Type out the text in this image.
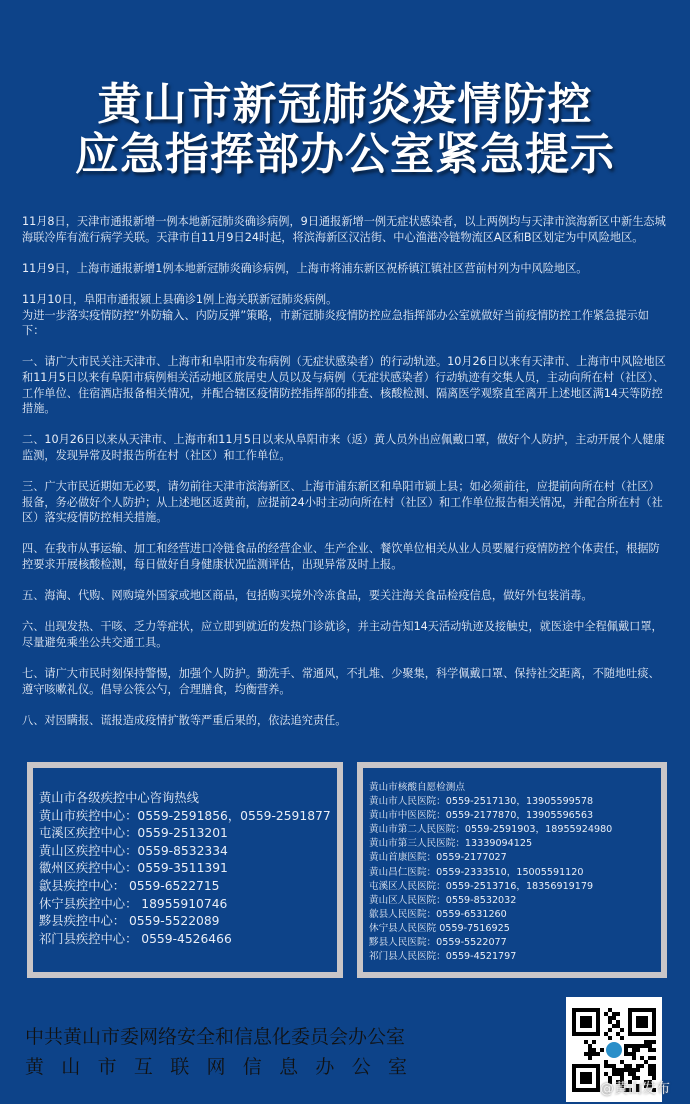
黄山市新冠肺炎疫情防控
应急指挥部办公室紧急提示

11月8日，天津市通报新增一例本地新冠肺炎确诊病例，9日通报新增一例无症状感染者，以上两例均与天津市滨海新区中新生态城海联冷库有流行病学关联。天津市自11月9日24时起，将滨海新区汉沽街、中心渔港冷链物流区A区和B区划定为中风险地区。

11月9日，上海市通报新增1例本地新冠肺炎确诊病例，上海市将浦东新区祝桥镇江镇社区营前村列为中风险地区。

11月10日，阜阳市通报颍上县确诊1例上海关联新冠肺炎病例。

为进一步落实疫情防控“外防输入、内防反弹”策略，市新冠肺炎疫情防控应急指挥部办公室就做好当前疫情防控工作紧急提示如下：

一、请广大市民关注天津市、上海市和阜阳市发布病例（无症状感染者）的行动轨迹。10月26日以来有天津市、上海市中风险地区和11月5日以来有阜阳市病例相关活动地区旅居史人员以及与病例（无症状感染者）行动轨迹有交集人员，主动向所在村（社区）、工作单位、住宿酒店报备相关情况，并配合辖区疫情防控指挥部的排查、核酸检测、隔离医学观察直至离开上述地区满14天等防控措施。

二、10月26日以来从天津市、上海市和11月5日以来从阜阳市来（返）黄人员外出应佩戴口罩，做好个人防护，主动开展个人健康监测，发现异常及时报告所在村（社区）和工作单位。

三、广大市民近期如无必要，请勿前往天津市滨海新区、上海市浦东新区和阜阳市颍上县；如必须前往，应提前向所在村（社区）报备，务必做好个人防护；从上述地区返黄前，应提前24小时主动向所在村（社区）和工作单位报告相关情况，并配合所在村（社区）落实疫情防控相关措施。

四、在我市从事运输、加工和经营进口冷链食品的经营企业、生产企业、餐饮单位相关从业人员要履行疫情防控个体责任，根据防控要求开展核酸检测，每日做好自身健康状况监测评估，出现异常及时上报。

五、海淘、代购、网购境外国家或地区商品，包括购买境外冷冻食品，要关注海关食品检疫信息，做好外包装消毒。

六、出现发热、干咳、乏力等症状，应立即到就近的发热门诊就诊，并主动告知14天活动轨迹及接触史，就医途中全程佩戴口罩，尽量避免乘坐公共交通工具。

七、请广大市民时刻保持警惕，加强个人防护。勤洗手、常通风，不扎堆、少聚集，科学佩戴口罩、保持社交距离，不随地吐痰、遵守咳嗽礼仪。倡导公筷公勺，合理膳食，均衡营养。

八、对因瞒报、谎报造成疫情扩散等严重后果的，依法追究责任。

黄山市各级疾控中心咨询热线
黄山市疾控中心：0559-2591856，0559-2591877
屯溪区疾控中心：0559-2513201
黄山区疾控中心：0559-8532334
徽州区疾控中心：0559-3511391
歙县疾控中心： 0559-6522715
休宁县疾控中心： 18955910746
黟县疾控中心： 0559-5522089
祁门县疾控中心： 0559-4526466
黄山市核酸自愿检测点
黄山市人民医院：0559-2517130，13905599578
黄山市中医医院：0559-2177870，13905596563
黄山市第二人民医院：0559-2591903，18955924980
黄山市第三人民医院：13339094125
黄山首康医院：0559-2177027
黄山昌仁医院：0559-2333510，15005591120
屯溪区人民医院：0559-2513716，18356919179
黄山区人民医院：0559-8532032
歙县人民医院：0559-6531260
休宁县人民医院 0559-7516925
黟县人民医院：0559-5522077
祁门县人民医院：0559-4521797
中共黄山市委网络安全和信息化委员会办公室
黄山市互联网信息办公室
@黄山发布
